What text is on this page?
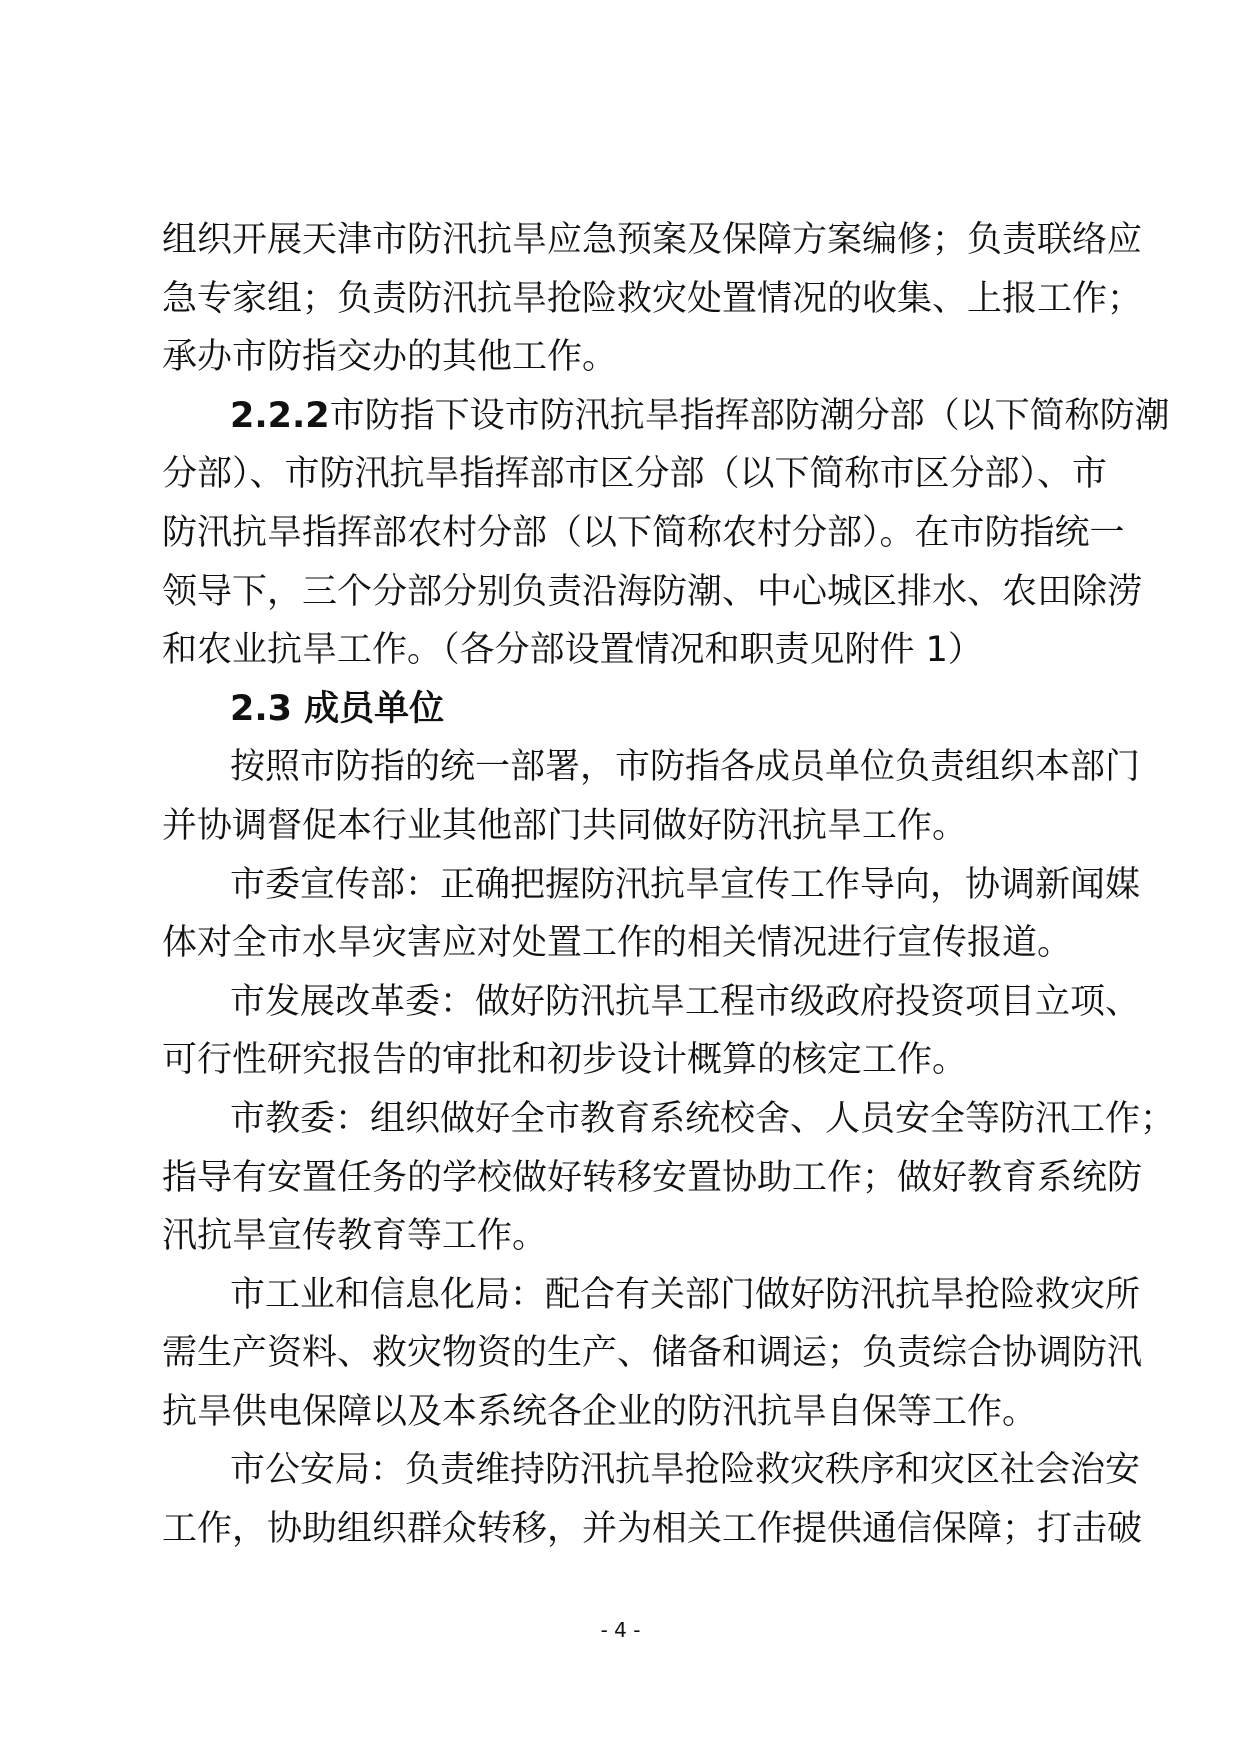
组织开展天津市防汛抗旱应急预案及保障方案编修；负责联络应
急专家组；负责防汛抗旱抢险救灾处置情况的收集、上报工作；
承办市防指交办的其他工作。
2.2.2市防指下设市防汛抗旱指挥部防潮分部（以下简称防潮
分部）、市防汛抗旱指挥部市区分部（以下简称市区分部）、市
防汛抗旱指挥部农村分部（以下简称农村分部）。在市防指统一
领导下，三个分部分别负责沿海防潮、中心城区排水、农田除涝
和农业抗旱工作。（各分部设置情况和职责见附件 1）
2.3 成员单位
按照市防指的统一部署，市防指各成员单位负责组织本部门
并协调督促本行业其他部门共同做好防汛抗旱工作。
市委宣传部：正确把握防汛抗旱宣传工作导向，协调新闻媒
体对全市水旱灾害应对处置工作的相关情况进行宣传报道。
市发展改革委：做好防汛抗旱工程市级政府投资项目立项、
可行性研究报告的审批和初步设计概算的核定工作。
市教委：组织做好全市教育系统校舍、人员安全等防汛工作；
指导有安置任务的学校做好转移安置协助工作；做好教育系统防
汛抗旱宣传教育等工作。
市工业和信息化局：配合有关部门做好防汛抗旱抢险救灾所
需生产资料、救灾物资的生产、储备和调运；负责综合协调防汛
抗旱供电保障以及本系统各企业的防汛抗旱自保等工作。
市公安局：负责维持防汛抗旱抢险救灾秩序和灾区社会治安
工作，协助组织群众转移，并为相关工作提供通信保障；打击破
- 4 -
